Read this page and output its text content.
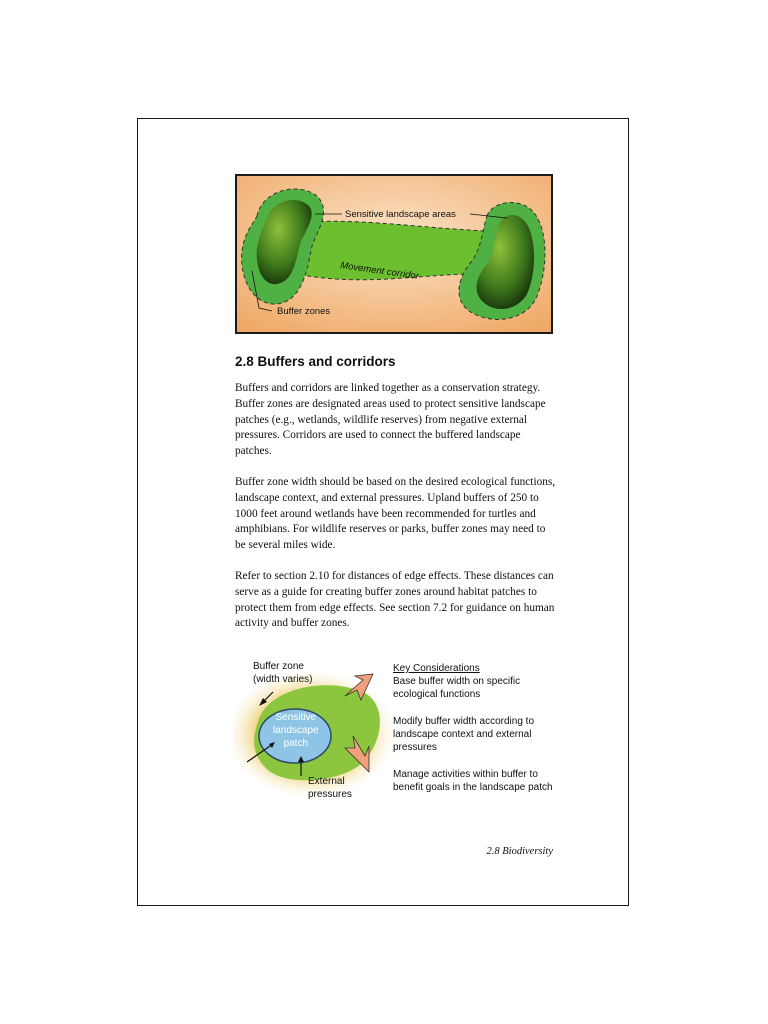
Sensitive landscape areas
Movement corridor
Buffer zones
2.8 Buffers and corridors

Buffers and corridors are linked together as a conservation strategy. Buffer zones are designated areas used to protect sensitive landscape patches (e.g., wetlands, wildlife reserves) from negative external pressures. Corridors are used to connect the buffered landscape patches.

Buffer zone width should be based on the desired ecological functions, landscape context, and external pressures. Upland buffers of 250 to 1000 feet around wetlands have been recommended for turtles and amphibians. For wildlife reserves or parks, buffer zones may need to be several miles wide.

Refer to section 2.10 for distances of edge effects. These distances can serve as a guide for creating buffer zones around habitat patches to protect them from edge effects. See section 7.2 for guidance on human activity and buffer zones.

Buffer zone
(width varies)

Sensitive
landscape
patch

External
pressures

Key Considerations

Base buffer width on specific ecological functions

Modify buffer width according to landscape context and external pressures

Manage activities within buffer to benefit goals in the landscape patch

2.8 Biodiversity
